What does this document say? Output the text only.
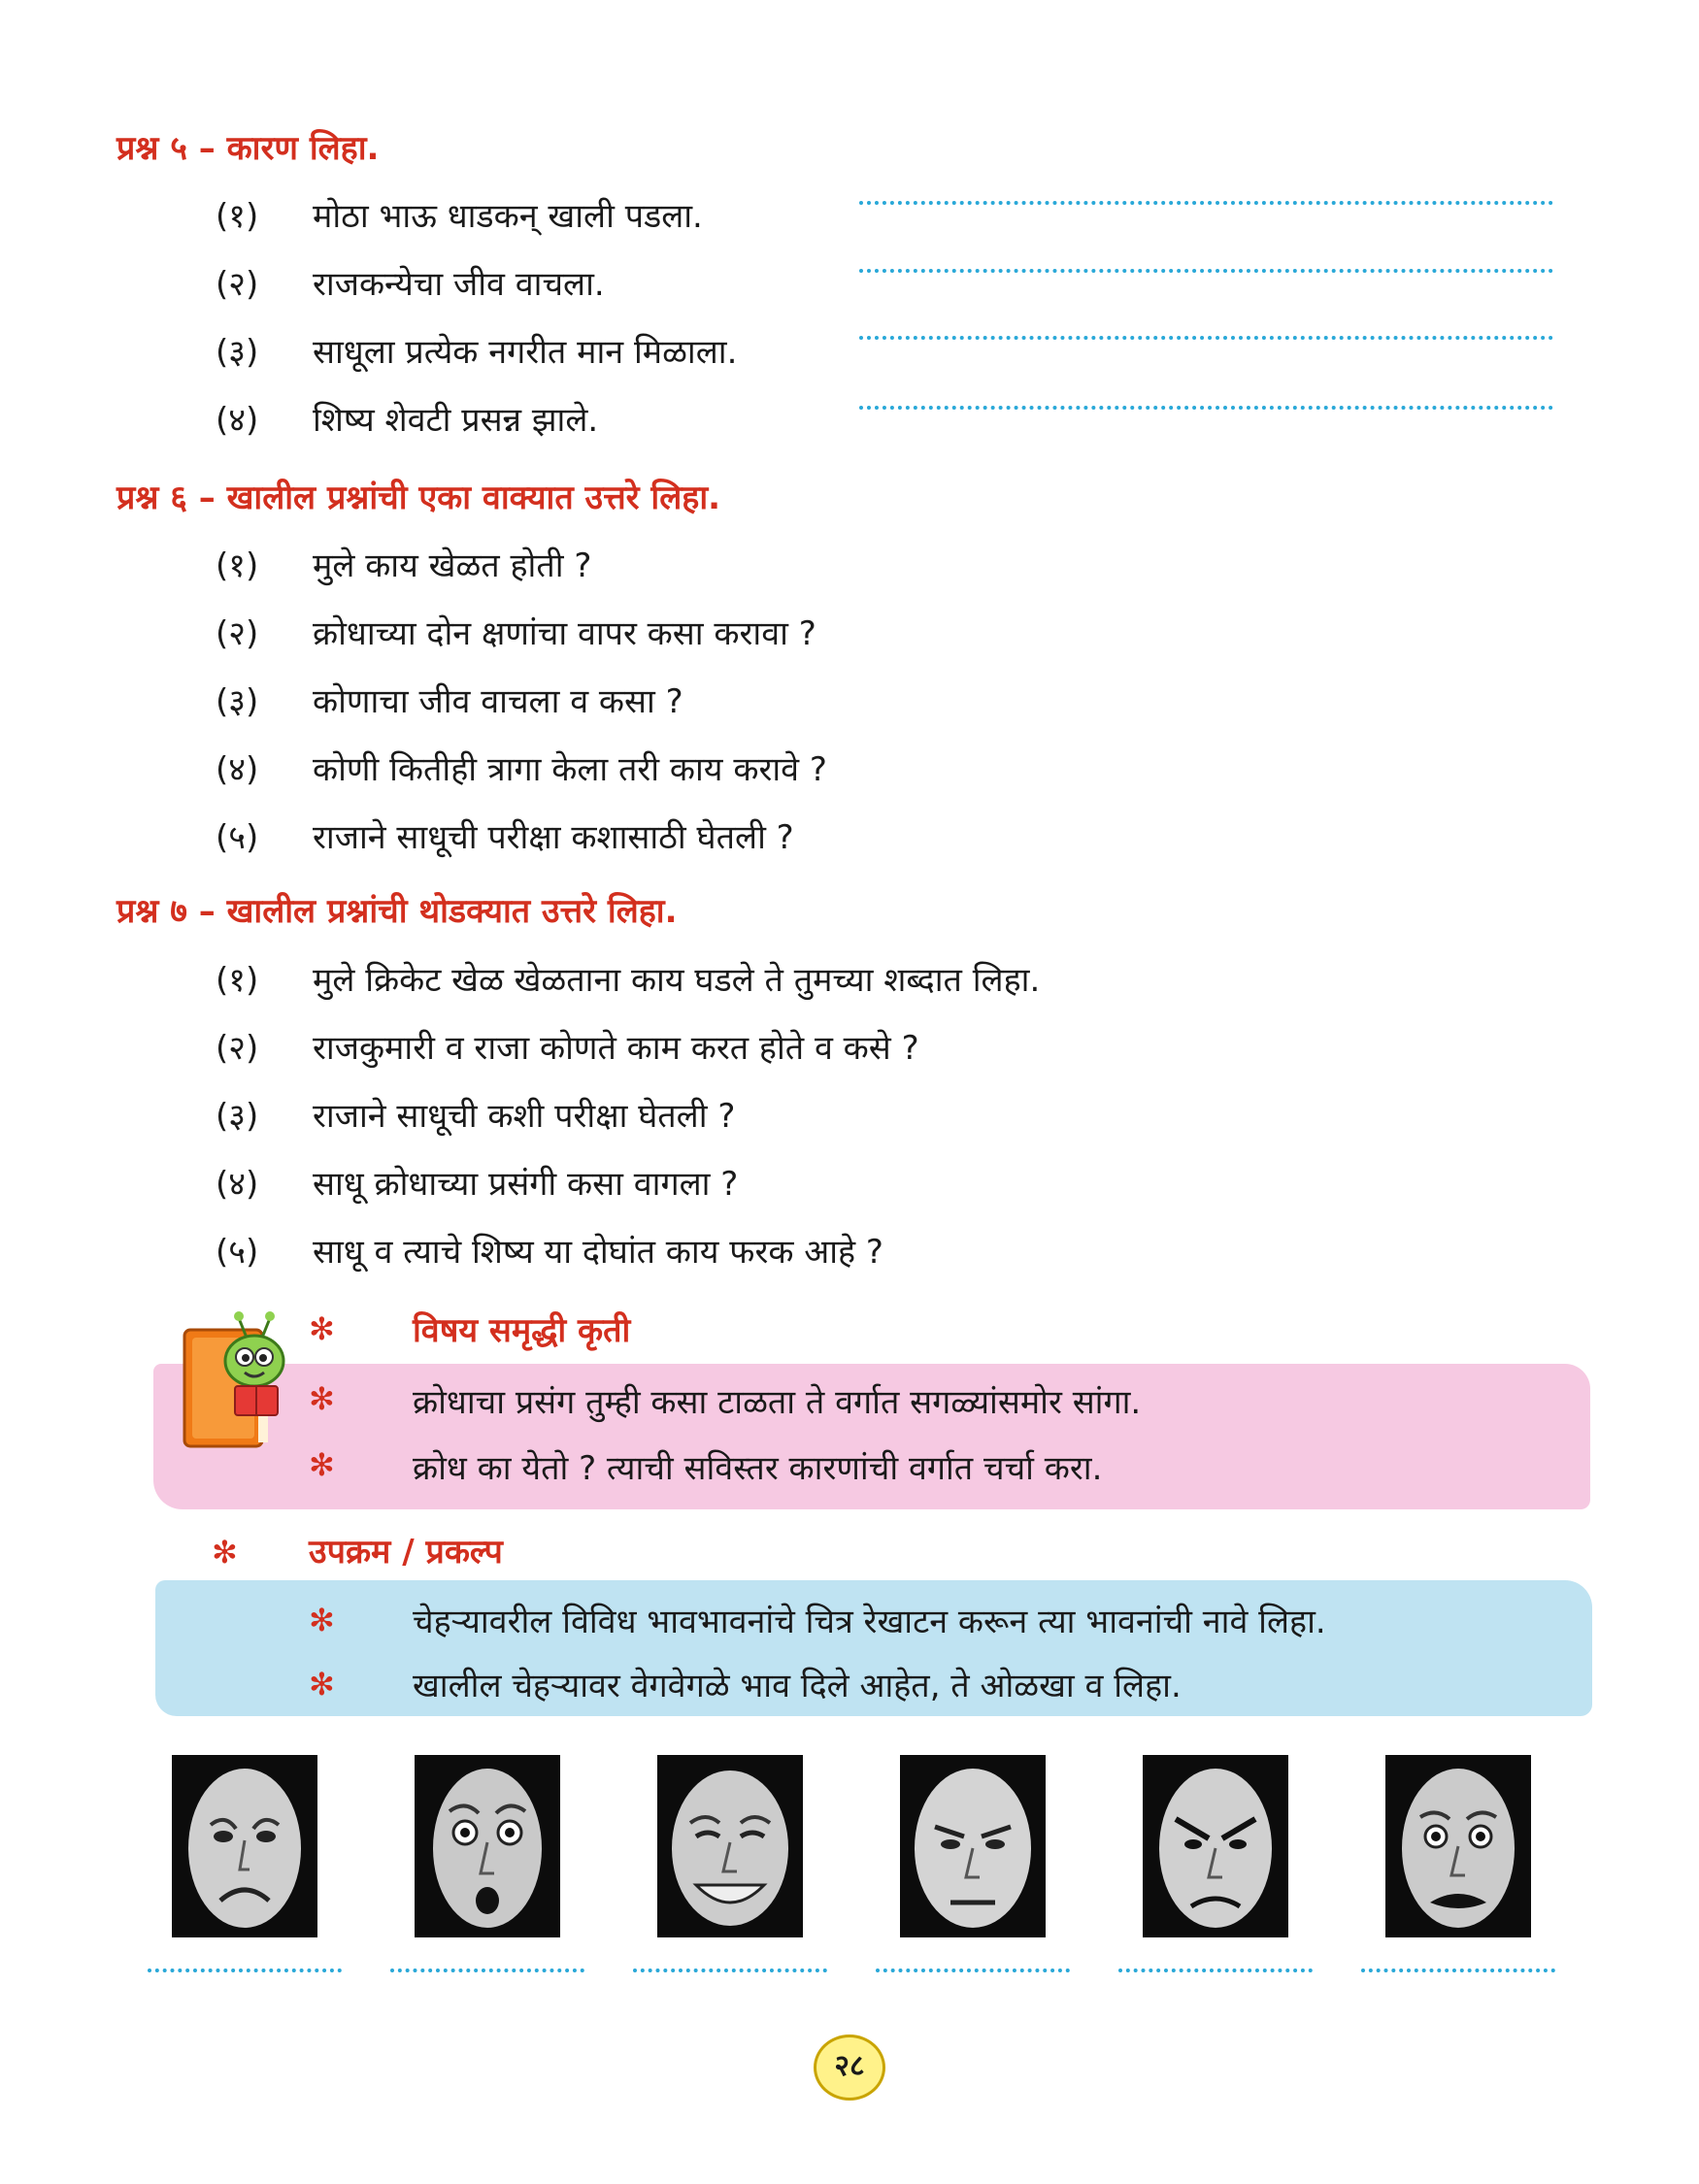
प्रश्न ५ – कारण लिहा.
(१) मोठा भाऊ धाडकन् खाली पडला.
(२) राजकन्येचा जीव वाचला.
(३) साधूला प्रत्येक नगरीत मान मिळाला.
(४) शिष्य शेवटी प्रसन्न झाले.
प्रश्न ६ – खालील प्रश्नांची एका वाक्यात उत्तरे लिहा.
(१) मुले काय खेळत होती ?
(२) क्रोधाच्या दोन क्षणांचा वापर कसा करावा ?
(३) कोणाचा जीव वाचला व कसा ?
(४) कोणी कितीही त्रागा केला तरी काय करावे ?
(५) राजाने साधूची परीक्षा कशासाठी घेतली ?
प्रश्न ७ – खालील प्रश्नांची थोडक्यात उत्तरे लिहा.
(१) मुले क्रिकेट खेळ खेळताना काय घडले ते तुमच्या शब्दात लिहा.
(२) राजकुमारी व राजा कोणते काम करत होते व कसे ?
(३) राजाने साधूची कशी परीक्षा घेतली ?
(४) साधू क्रोधाच्या प्रसंगी कसा वागला ?
(५) साधू व त्याचे शिष्य या दोघांत काय फरक आहे ?
✻ विषय समृद्धी कृती
✻ क्रोधाचा प्रसंग तुम्ही कसा टाळता ते वर्गात सगळ्यांसमोर सांगा.
✻ क्रोध का येतो ? त्याची सविस्तर कारणांची वर्गात चर्चा करा.
✻ उपक्रम / प्रकल्प
✻ चेहऱ्यावरील विविध भावभावनांचे चित्र रेखाटन करून त्या भावनांची नावे लिहा.
✻ खालील चेहऱ्यावर वेगवेगळे भाव दिले आहेत, ते ओळखा व लिहा.
२८
